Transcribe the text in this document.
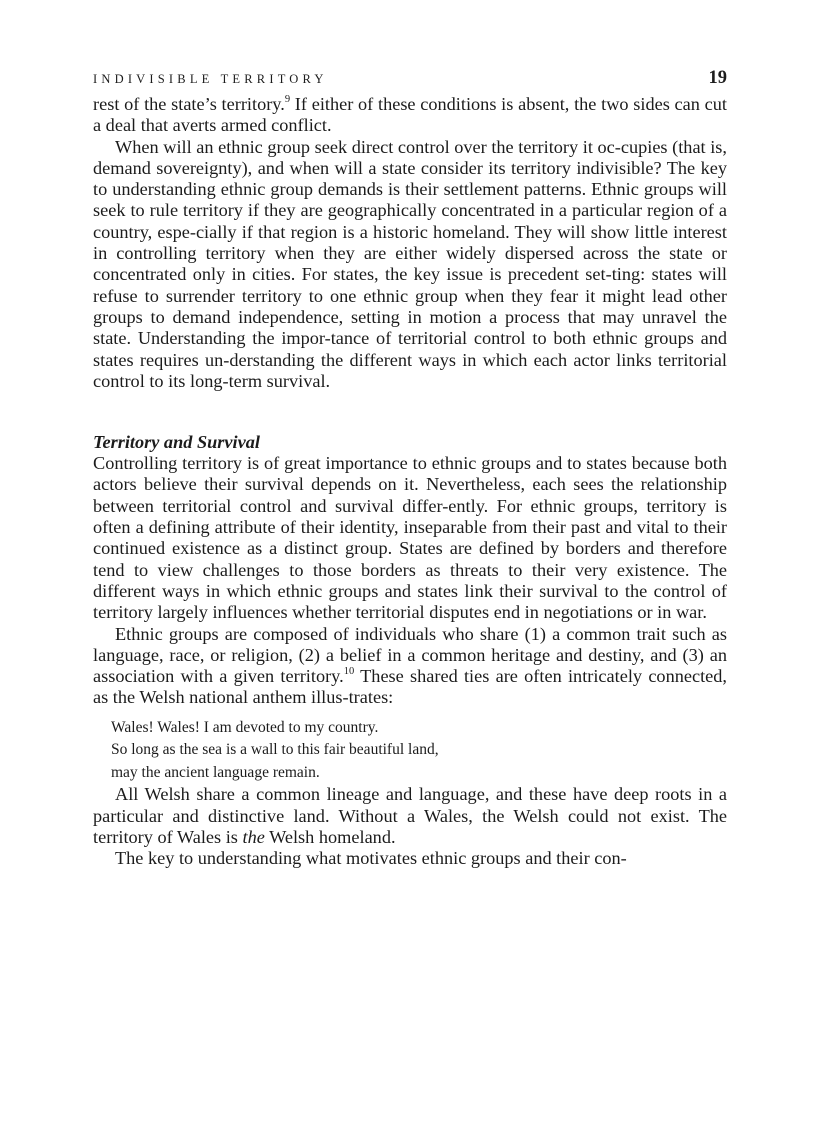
INDIVISIBLE TERRITORY	19

rest of the state’s territory.$^9$ If either of these conditions is absent, the two sides can cut a deal that averts armed conflict.

When will an ethnic group seek direct control over the territory it oc-cupies (that is, demand sovereignty), and when will a state consider its territory indivisible? The key to understanding ethnic group demands is their settlement patterns. Ethnic groups will seek to rule territory if they are geographically concentrated in a particular region of a country, espe-cially if that region is a historic homeland. They will show little interest in controlling territory when they are either widely dispersed across the state or concentrated only in cities. For states, the key issue is precedent set-ting: states will refuse to surrender territory to one ethnic group when they fear it might lead other groups to demand independence, setting in motion a process that may unravel the state. Understanding the impor-tance of territorial control to both ethnic groups and states requires un-derstanding the different ways in which each actor links territorial control to its long-term survival.

Territory and Survival

Controlling territory is of great importance to ethnic groups and to states because both actors believe their survival depends on it. Nevertheless, each sees the relationship between territorial control and survival differ-ently. For ethnic groups, territory is often a defining attribute of their identity, inseparable from their past and vital to their continued existence as a distinct group. States are defined by borders and therefore tend to view challenges to those borders as threats to their very existence. The different ways in which ethnic groups and states link their survival to the control of territory largely influences whether territorial disputes end in negotiations or in war.

Ethnic groups are composed of individuals who share (1) a common trait such as language, race, or religion, (2) a belief in a common heritage and destiny, and (3) an association with a given territory.$^{10}$ These shared ties are often intricately connected, as the Welsh national anthem illus-trates:

Wales! Wales! I am devoted to my country.
So long as the sea is a wall to this fair beautiful land,
may the ancient language remain.

All Welsh share a common lineage and language, and these have deep roots in a particular and distinctive land. Without a Wales, the Welsh could not exist. The territory of Wales is the Welsh homeland.

The key to understanding what motivates ethnic groups and their con-
